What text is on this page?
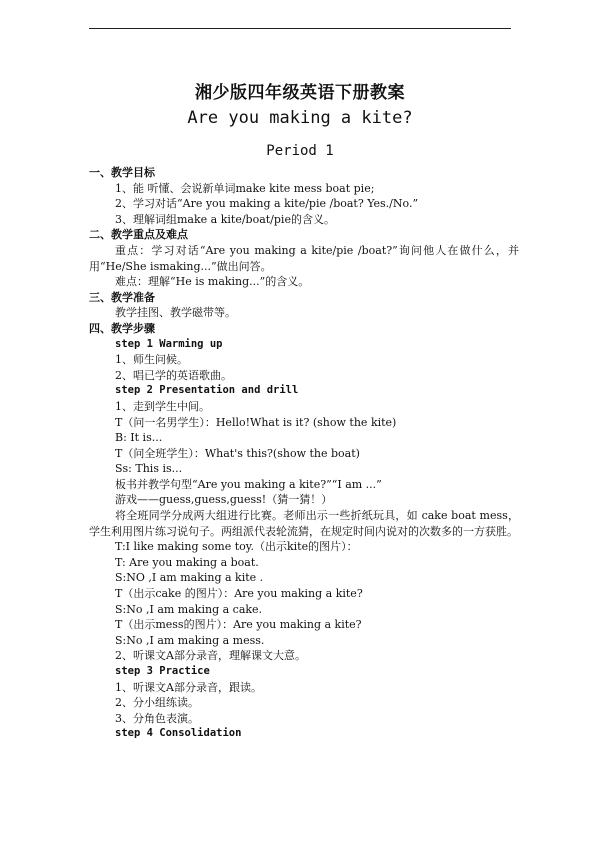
湘少版四年级英语下册教案
Are you making a kite?
Period 1
一、教学目标
1、能 听懂、会说新单词make kite mess boat pie;
2、学习对话“Are you making a kite/pie /boat? Yes./No.”
3、理解词组make a kite/boat/pie的含义。
二、教学重点及难点
重点：学习对话“Are you making a kite/pie /boat?”询问他人在做什么，并用“He/She ismaking...”做出问答。
难点：理解“He is making...”的含义。
三、教学准备
教学挂图、教学磁带等。
四、教学步骤
step 1 Warming up
1、师生问候。
2、唱已学的英语歌曲。
step 2 Presentation and drill
1、走到学生中间。
T（问一名男学生）：Hello!What is it? (show the kite)
B: It is...
T（问全班学生）：What's this?(show the boat)
Ss: This is...
板书并教学句型“Are you making a kite?”“I am ...”
游戏——guess,guess,guess!（猜一猜！）
将全班同学分成两大组进行比赛。老师出示一些折纸玩具，如 cake boat mess，学生利用图片练习说句子。两组派代表轮流猜，在规定时间内说对的次数多的一方获胜。
T:I like making some toy.（出示kite的图片）：
T: Are you making a boat.
S:NO ,I am making a kite .
T（出示cake 的图片）：Are you making a kite?
S:No ,I am making a cake.
T（出示mess的图片）：Are you making a kite?
S:No ,I am making a mess.
2、听课文A部分录音，理解课文大意。
step 3 Practice
1、听课文A部分录音，跟读。
2、分小组练读。
3、分角色表演。
step 4 Consolidation
